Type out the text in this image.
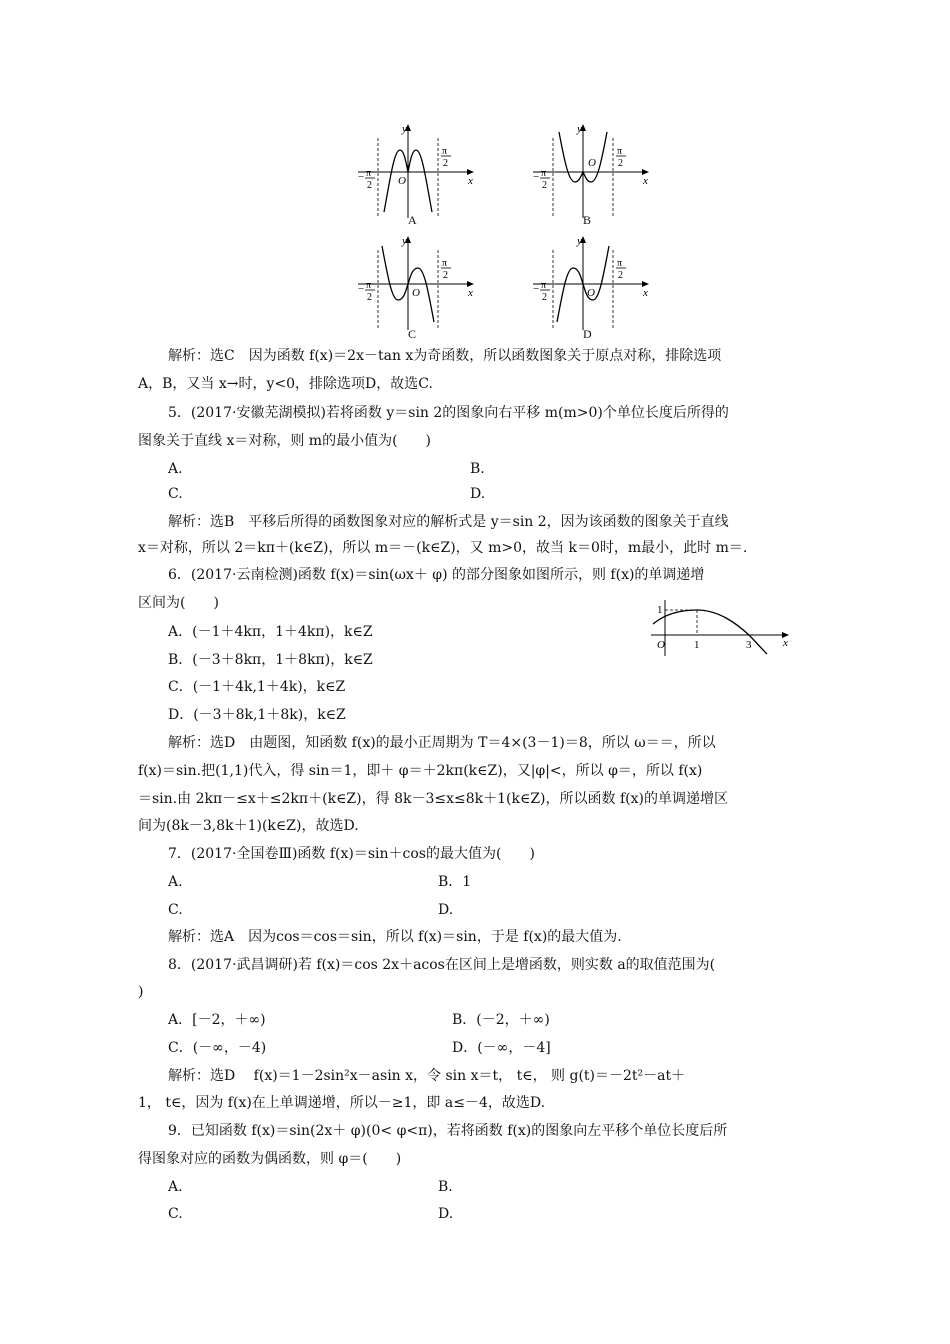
y
x
O
− π
2
π
2
A
y
x
O
− π
2
π
2
B
y
x
O
− π
2
π
2
C
y
x
O
− π
2
π
2
D
解析：选C　因为函数 f(x)＝2x－tan x为奇函数，所以函数图象关于原点对称，排除选项
A，B，又当 x→时，y<0，排除选项D，故选C.
5．(2017·安徽芜湖模拟)若将函数 y＝sin 2的图象向右平移 m(m>0)个单位长度后所得的
图象关于直线 x＝对称，则 m的最小值为(　　)
A.	B.
C.	D.
解析：选B　平移后所得的函数图象对应的解析式是 y＝sin 2，因为该函数的图象关于直线
x＝对称，所以 2＝kπ＋(k∈Z)，所以 m＝－(k∈Z)，又 m>0，故当 k＝0时，m最小，此时 m＝.
6．(2017·云南检测)函数 f(x)＝sin(ωx＋ φ) 的部分图象如图所示，则 f(x)的单调递增
区间为(　　)
A．(－1＋4kπ，1＋4kπ)，k∈Z
B．(－3＋8kπ，1＋8kπ)，k∈Z
C．(－1＋4k,1＋4k)，k∈Z
D．(－3＋8k,1＋8k)，k∈Z
1
1	3
O	x
解析：选D　由题图，知函数 f(x)的最小正周期为 T＝4×(3－1)＝8，所以 ω＝＝，所以
f(x)＝sin.把(1,1)代入，得 sin＝1，即＋ φ＝＋2kπ(k∈Z)，又|φ|<，所以 φ＝，所以 f(x)
＝sin.由 2kπ－≤x＋≤2kπ＋(k∈Z)，得 8k－3≤x≤8k＋1(k∈Z)，所以函数 f(x)的单调递增区
间为(8k－3,8k＋1)(k∈Z)，故选D.
7．(2017·全国卷Ⅲ)函数 f(x)＝sin＋cos的最大值为(　　)
A.	B．1
C.	D.
解析：选A　因为cos＝cos＝sin，所以 f(x)＝sin，于是 f(x)的最大值为.
8．(2017·武昌调研)若 f(x)＝cos 2x＋acos在区间上是增函数，则实数 a的取值范围为(
)
A．[－2，＋∞)	B．(－2，＋∞)
C．(－∞，－4)	D．(－∞，－4]
解析：选D　 f(x)＝1－2sin²x－asin x，令 sin x＝t， t∈， 则 g(t)＝－2t²－at＋
1， t∈，因为 f(x)在上单调递增，所以－≥1，即 a≤－4，故选D.
9．已知函数 f(x)＝sin(2x＋ φ)(0< φ<π)，若将函数 f(x)的图象向左平移个单位长度后所
得图象对应的函数为偶函数，则 φ＝(　　)
A.	B.
C.	D.
